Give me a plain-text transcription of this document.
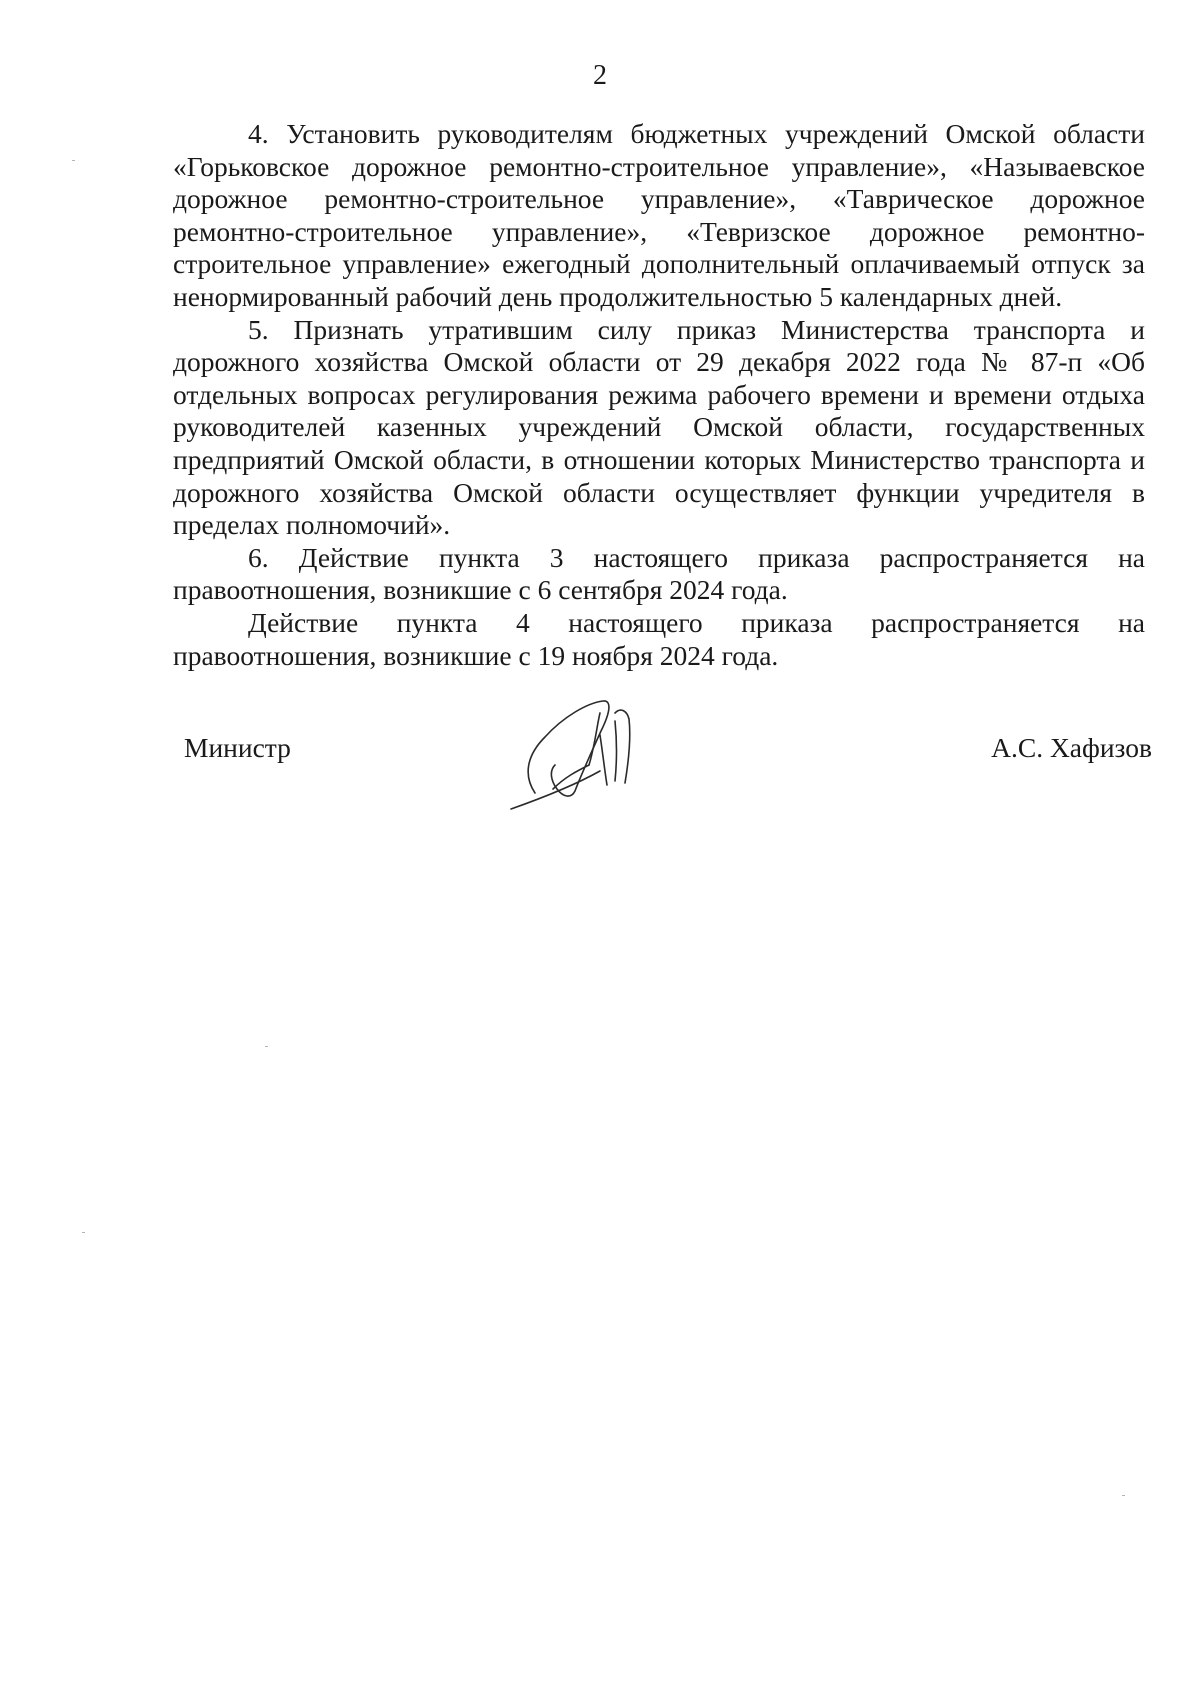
2

4. Установить руководителям бюджетных учреждений Омской области «Горьковское дорожное ремонтно-строительное управление», «Называевское дорожное ремонтно-строительное управление», «Таврическое дорожное ремонтно-строительное управление», «Тевризское дорожное ремонтно-строительное управление» ежегодный дополнительный оплачиваемый отпуск за ненормированный рабочий день продолжительностью 5 календарных дней.

5. Признать утратившим силу приказ Министерства транспорта и дорожного хозяйства Омской области от 29 декабря 2022 года № 87-п «Об отдельных вопросах регулирования режима рабочего времени и времени отдыха руководителей казенных учреждений Омской области, государственных предприятий Омской области, в отношении которых Министерство транспорта и дорожного хозяйства Омской области осуществляет функции учредителя в пределах полномочий».

6. Действие пункта 3 настоящего приказа распространяется на правоотношения, возникшие с 6 сентября 2024 года.

Действие пункта 4 настоящего приказа распространяется на правоотношения, возникшие с 19 ноября 2024 года.

Министр	А.С. Хафизов
